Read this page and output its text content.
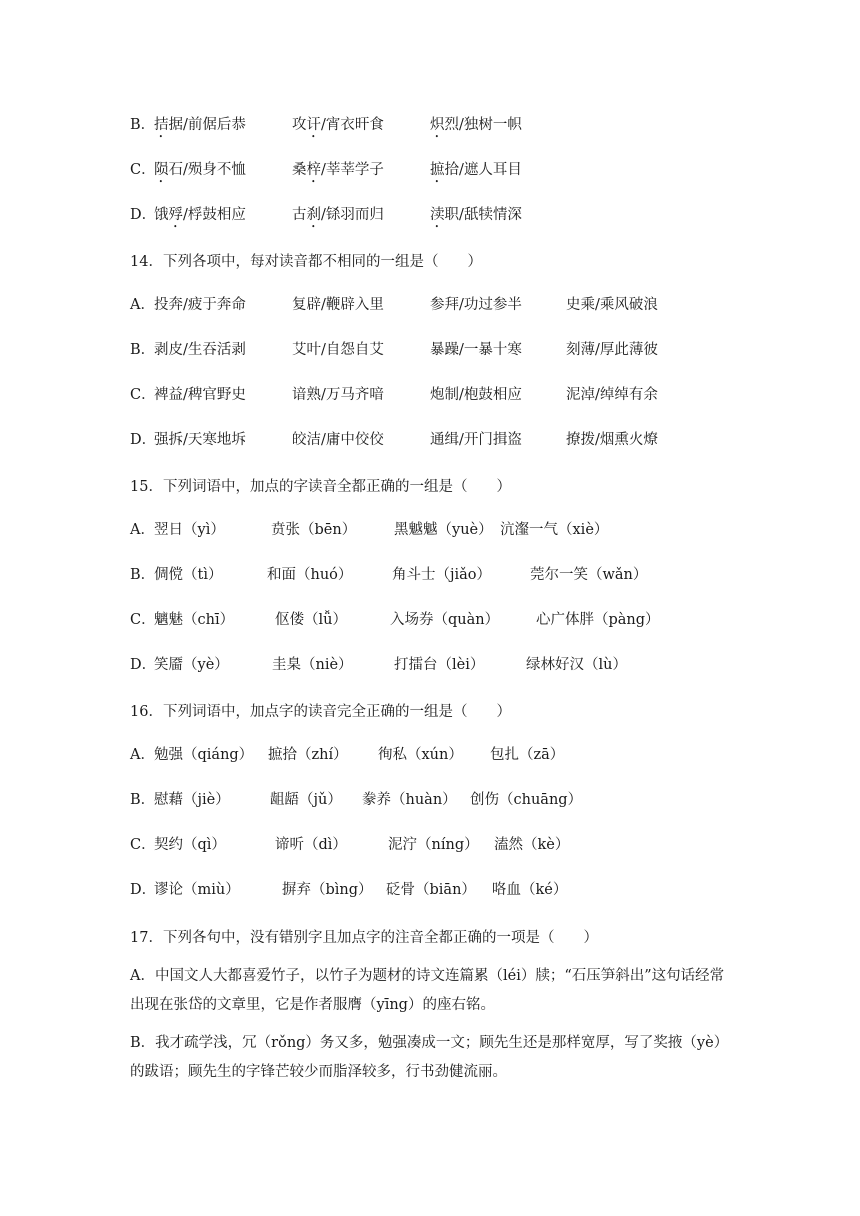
B．
拮据/前倨后恭	攻讦/宵衣旰食	炽烈/独树一帜
C．
陨石/殒身不恤	桑梓/莘莘学子	摭拾/遮人耳目
D．
饿殍/桴鼓相应	古刹/铩羽而归	渎职/舐犊情深
14．下列各项中，每对读音都不相同的一组是（　　）
A． 投奔/疲于奔命	复辟/鞭辟入里	参拜/功过参半	史乘/乘风破浪
B．
剥皮/生吞活剥	艾叶/自怨自艾	暴躁/一暴十寒	刻薄/厚此薄彼
C．
裨益/稗官野史	谙熟/万马齐喑	炮制/枹鼓相应	泥淖/绰绰有余
D．
强拆/天寒地坼	皎洁/庸中佼佼	通缉/开门揖盗	撩拨/烟熏火燎
15．下列词语中，加点的字读音全都正确的一组是（　　）
A． 翌日（yì）	贲张（bēn）	黑魆魆（yuè） 沆瀣一气（xiè）
B．
倜傥（tì）	和面（huó）	角斗士（jiǎo）	莞尔一笑（wǎn）
C．
魑魅（chī）	伛偻（lǚ）	入场券（quàn）	心广体胖（pàng）
D．
笑靥（yè）	圭臬（niè）	打擂台（lèi）	绿林好汉（lù）
16．下列词语中，加点字的读音完全正确的一组是（　　）
A． 勉强（qiáng） 摭拾（zhí） 徇私（xún） 包扎（zā）
B．
慰藉（jiè）	龃龉（jǔ） 豢养（huàn） 创伤（chuāng）
C．
契约（qì）	谛听（dì）	泥泞（níng） 溘然（kè）
D．
谬论（miù）	摒弃（bìng） 砭骨（biān） 咯血（ké）
17．下列各句中，没有错别字且加点字的注音全都正确的一项是（　　）
A．中国文人大都喜爱竹子，以竹子为题材的诗文连篇累（léi）牍；“石压笋斜出”这句话经常出现在张岱的文章里，它是作者服膺（yīng）的座右铭。
B．我才疏学浅，冗（rǒng）务又多，勉强凑成一文；顾先生还是那样宽厚，写了奖掖（yè）的跋语；顾先生的字锋芒较少而脂泽较多，行书劲健流丽。
